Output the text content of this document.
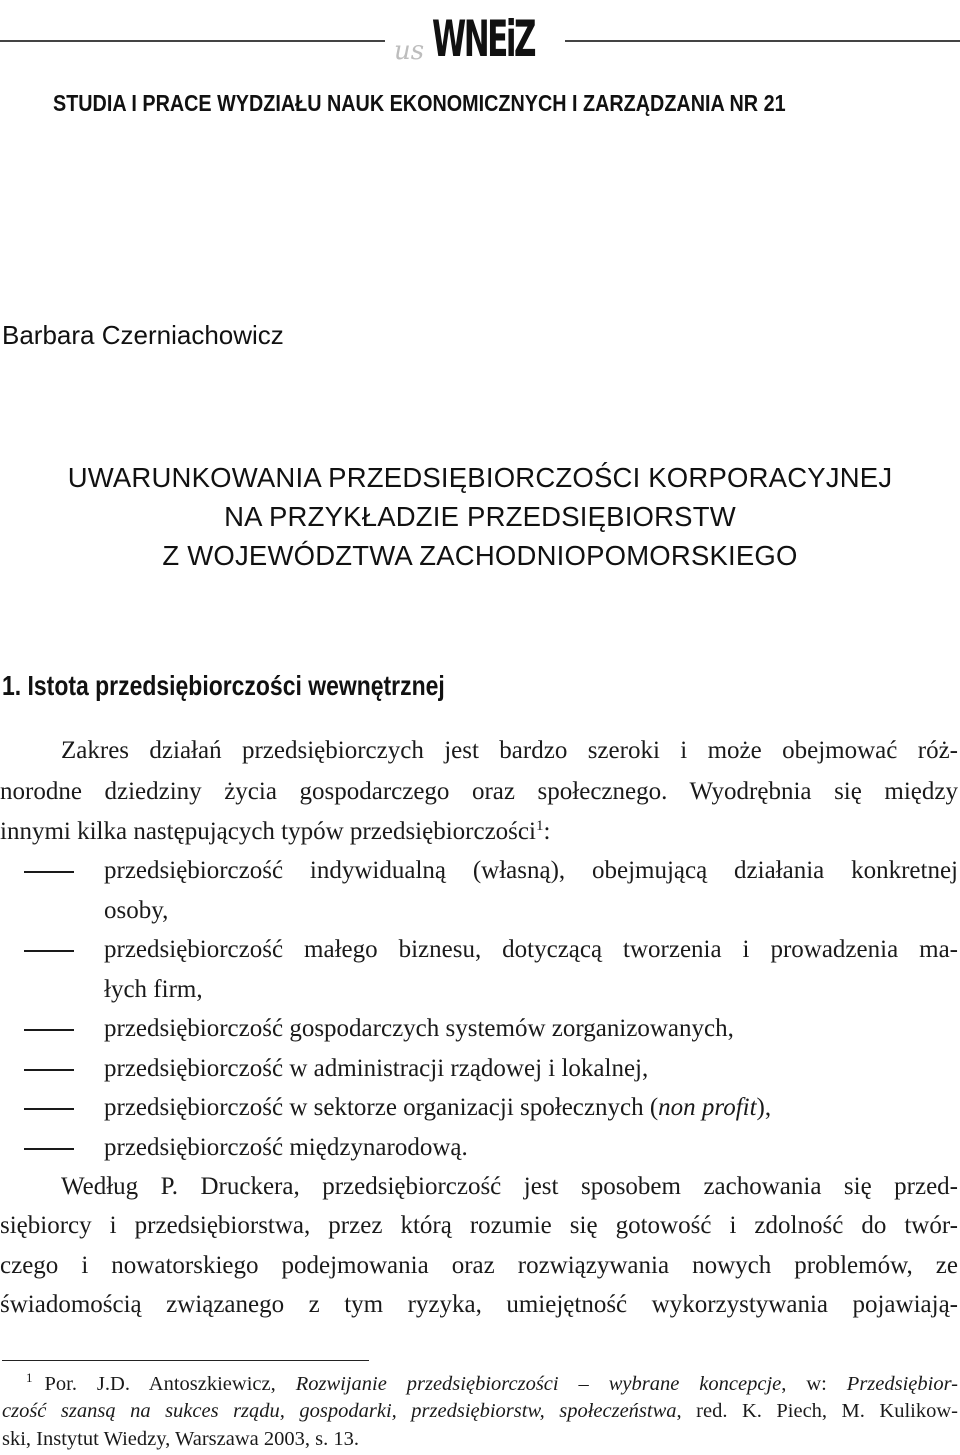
us WNEiZ
STUDIA I PRACE WYDZIAŁU NAUK EKONOMICZNYCH I ZARZĄDZANIA NR 21
Barbara Czerniachowicz
UWARUNKOWANIA PRZEDSIĘBIORCZOŚCI KORPORACYJNEJ
NA PRZYKŁADZIE PRZEDSIĘBIORSTW
Z WOJEWÓDZTWA ZACHODNIOPOMORSKIEGO
1. Istota przedsiębiorczości wewnętrznej
Zakres działań przedsiębiorczych jest bardzo szeroki i może obejmować róż-
norodne dziedziny życia gospodarczego oraz społecznego. Wyodrębnia się między
innymi kilka następujących typów przedsiębiorczości$^1$:
przedsiębiorczość indywidualną (własną), obejmującą działania konkretnej
osoby,
przedsiębiorczość małego biznesu, dotyczącą tworzenia i prowadzenia ma-
łych firm,
przedsiębiorczość gospodarczych systemów zorganizowanych,
przedsiębiorczość w administracji rządowej i lokalnej,
przedsiębiorczość w sektorze organizacji społecznych (non profit),
przedsiębiorczość międzynarodową.
Według P. Druckera, przedsiębiorczość jest sposobem zachowania się przed-
siębiorcy i przedsiębiorstwa, przez którą rozumie się gotowość i zdolność do twór-
czego i nowatorskiego podejmowania oraz rozwiązywania nowych problemów, ze
świadomością związanego z tym ryzyka, umiejętność wykorzystywania pojawiają-
$^1$ Por. J.D. Antoszkiewicz, Rozwijanie przedsiębiorczości – wybrane koncepcje, w: Przedsiębior-
czość szansą na sukces rządu, gospodarki, przedsiębiorstw, społeczeństwa, red. K. Piech, M. Kulikow-
ski, Instytut Wiedzy, Warszawa 2003, s. 13.
